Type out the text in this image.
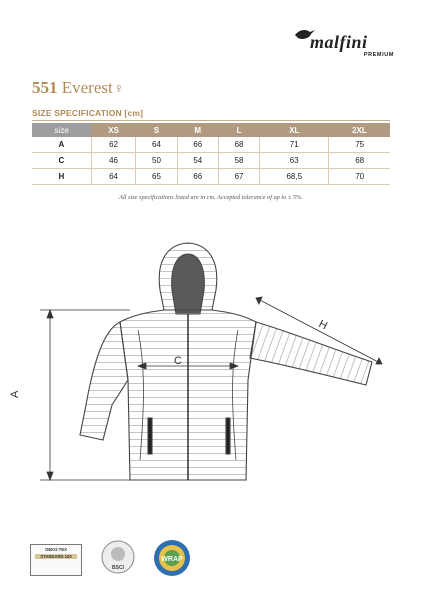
malfini
PREMIUM
551 Everest♀
SIZE SPECIFICATION [cm]
size	XS	S	M	L	XL	2XL
A	62	64	66	68	71	75
C	46	50	54	58	63	68
H	64	65	66	67	68,5	70
All size specifications listed are in cm. Accepted tolerance of up to ± 5%.
A
C
H
OEKO-TEX
STANDARD 100
BSCI
WRAP
